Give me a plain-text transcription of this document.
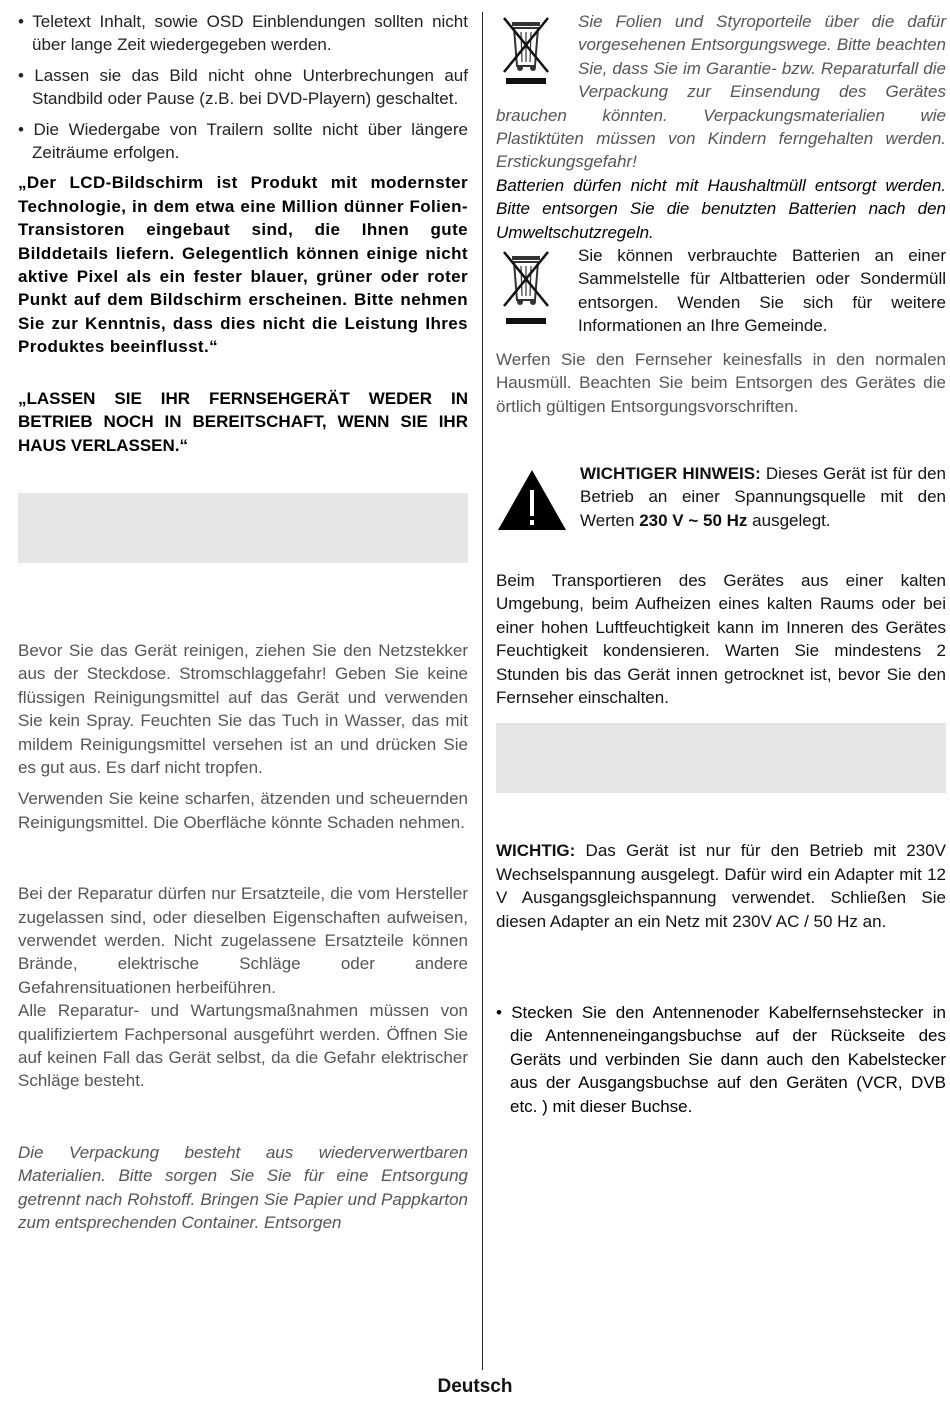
• Teletext Inhalt, sowie OSD Einblendungen sollten nicht über lange Zeit wiedergegeben werden.

• Lassen sie das Bild nicht ohne Unterbrechungen auf Standbild oder Pause (z.B. bei DVD-Playern) geschaltet.

• Die Wiedergabe von Trailern sollte nicht über längere Zeiträume erfolgen.

„Der LCD-Bildschirm ist Produkt mit modernster Technologie, in dem etwa eine Million dünner Folien-Transistoren eingebaut sind, die Ihnen gute Bilddetails liefern. Gelegentlich können einige nicht aktive Pixel als ein fester blauer, grüner oder roter Punkt auf dem Bildschirm erscheinen. Bitte nehmen Sie zur Kenntnis, dass dies nicht die Leistung Ihres Produktes beeinflusst.“

„LASSEN SIE IHR FERNSEHGERÄT WEDER IN BETRIEB NOCH IN BEREITSCHAFT, WENN SIE IHR HAUS VERLASSEN.“

Bevor Sie das Gerät reinigen, ziehen Sie den Netzstekker aus der Steckdose. Stromschlaggefahr! Geben Sie keine flüssigen Reinigungsmittel auf das Gerät und verwenden Sie kein Spray. Feuchten Sie das Tuch in Wasser, das mit mildem Reinigungsmittel versehen ist an und drücken Sie es gut aus. Es darf nicht tropfen.

Verwenden Sie keine scharfen, ätzenden und scheuernden Reinigungsmittel. Die Oberfläche könnte Schaden nehmen.

Bei der Reparatur dürfen nur Ersatzteile, die vom Hersteller zugelassen sind, oder dieselben Eigenschaften aufweisen, verwendet werden. Nicht zugelassene Ersatzteile können Brände, elektrische Schläge oder andere Gefahrensituationen herbeiführen.

Alle Reparatur- und Wartungsmaßnahmen müssen von qualifiziertem Fachpersonal ausgeführt werden. Öffnen Sie auf keinen Fall das Gerät selbst, da die Gefahr elektrischer Schläge besteht.

Die Verpackung besteht aus wiederverwertbaren Materialien. Bitte sorgen Sie Sie für eine Entsorgung getrennt nach Rohstoff. Bringen Sie Papier und Pappkarton zum entsprechenden Container. Entsorgen

Sie Folien und Styroporteile über die dafür vorgesehenen Entsorgungswege. Bitte beachten Sie, dass Sie im Garantie- bzw. Reparaturfall die Verpackung zur Einsendung des Gerätes brauchen könnten. Verpackungsmaterialien wie Plastiktüten müssen von Kindern ferngehalten werden. Erstickungsgefahr!

Batterien dürfen nicht mit Haushaltmüll entsorgt werden. Bitte entsorgen Sie die benutzten Batterien nach den Umweltschutzregeln.

Sie können verbrauchte Batterien an einer Sammelstelle für Altbatterien oder Sondermüll entsorgen. Wenden Sie sich für weitere Informationen an Ihre Gemeinde.

Werfen Sie den Fernseher keinesfalls in den normalen Hausmüll. Beachten Sie beim Entsorgen des Gerätes die örtlich gültigen Entsorgungsvorschriften.

WICHTIGER HINWEIS: Dieses Gerät ist für den Betrieb an einer Spannungsquelle mit den Werten 230 V ~ 50 Hz ausgelegt.

Beim Transportieren des Gerätes aus einer kalten Umgebung, beim Aufheizen eines kalten Raums oder bei einer hohen Luftfeuchtigkeit kann im Inneren des Gerätes Feuchtigkeit kondensieren. Warten Sie mindestens 2 Stunden bis das Gerät innen getrocknet ist, bevor Sie den Fernseher einschalten.

WICHTIG: Das Gerät ist nur für den Betrieb mit 230V Wechselspannung ausgelegt. Dafür wird ein Adapter mit 12 V Ausgangsgleichspannung verwendet. Schließen Sie diesen Adapter an ein Netz mit 230V AC / 50 Hz an.

• Stecken Sie den Antennenoder Kabelfernsehstecker in die Antenneneingangsbuchse auf der Rückseite des Geräts und verbinden Sie dann auch den Kabelstecker aus der Ausgangsbuchse auf den Geräten (VCR, DVB etc. ) mit dieser Buchse.

Deutsch
